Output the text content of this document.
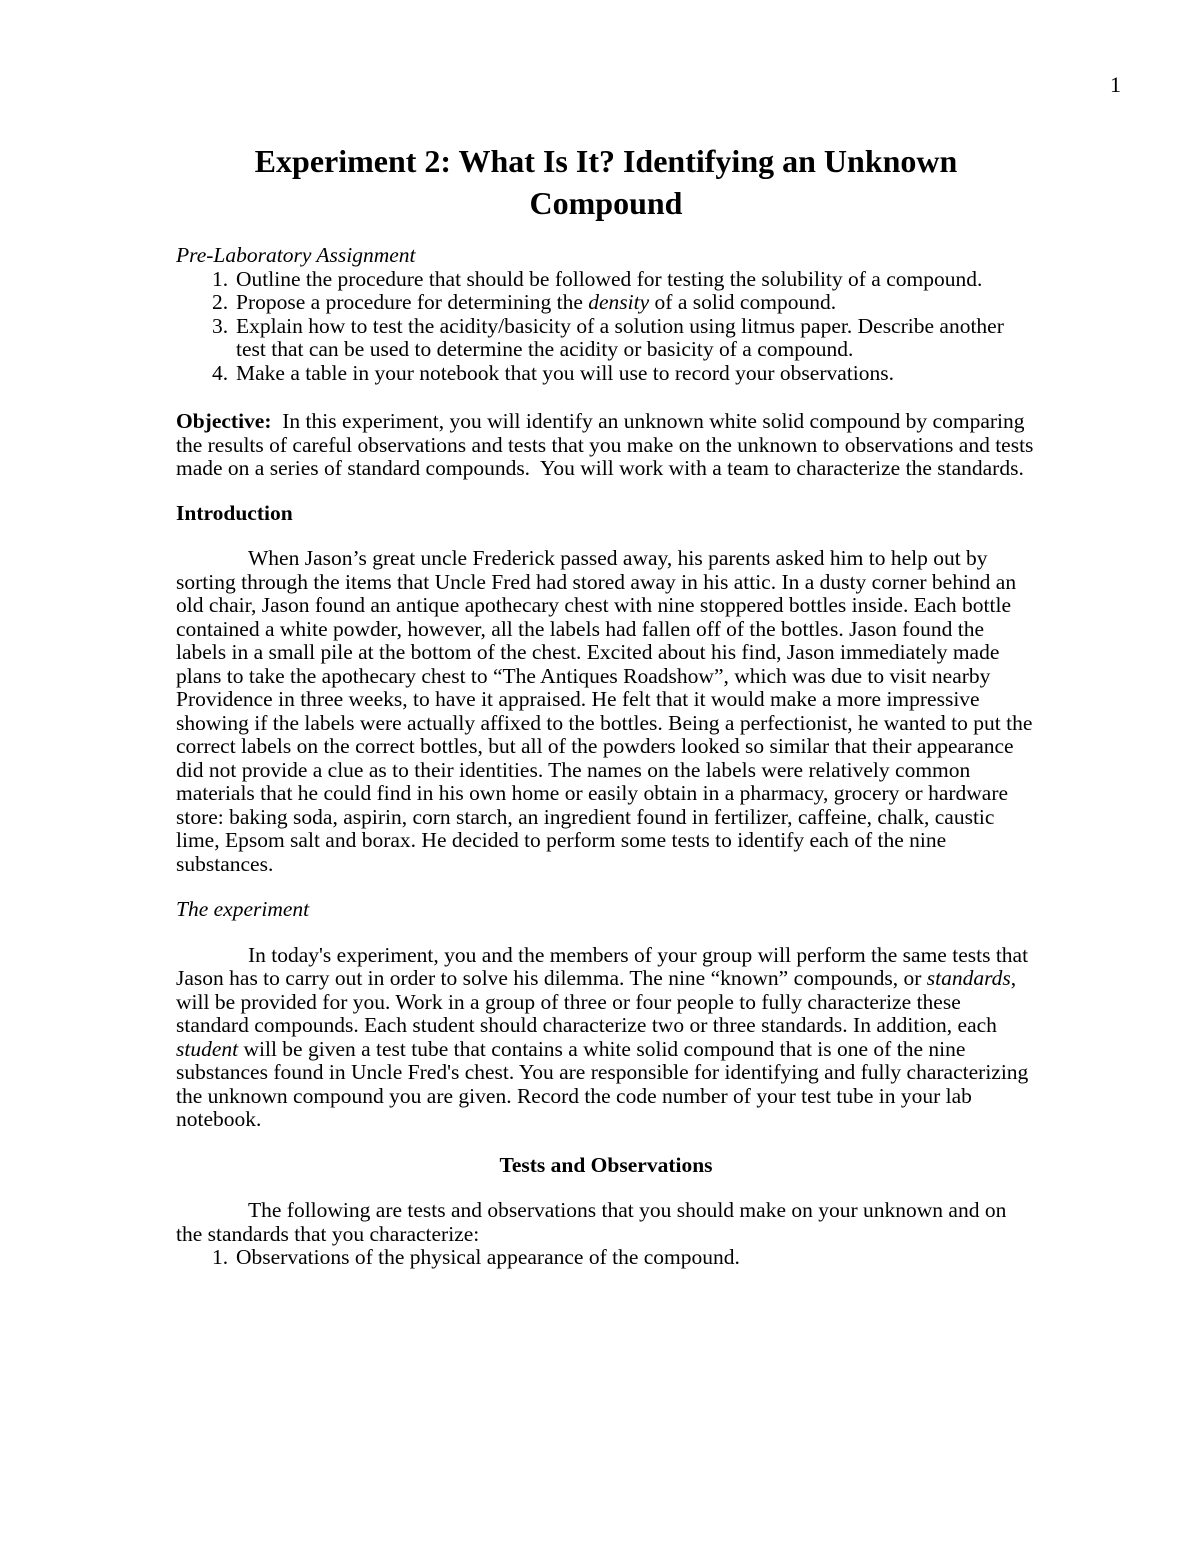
1
Experiment 2: What Is It? Identifying an Unknown
Compound

Pre-Laboratory Assignment

1. Outline the procedure that should be followed for testing the solubility of a compound.
2. Propose a procedure for determining the density of a solid compound.
3. Explain how to test the acidity/basicity of a solution using litmus paper. Describe another test that can be used to determine the acidity or basicity of a compound.
4. Make a table in your notebook that you will use to record your observations.

Objective:  In this experiment, you will identify an unknown white solid compound by comparing the results of careful observations and tests that you make on the unknown to observations and tests made on a series of standard compounds.  You will work with a team to characterize the standards.

Introduction

When Jason’s great uncle Frederick passed away, his parents asked him to help out by sorting through the items that Uncle Fred had stored away in his attic. In a dusty corner behind an old chair, Jason found an antique apothecary chest with nine stoppered bottles inside. Each bottle contained a white powder, however, all the labels had fallen off of the bottles. Jason found the labels in a small pile at the bottom of the chest. Excited about his find, Jason immediately made plans to take the apothecary chest to “The Antiques Roadshow”, which was due to visit nearby Providence in three weeks, to have it appraised. He felt that it would make a more impressive showing if the labels were actually affixed to the bottles. Being a perfectionist, he wanted to put the correct labels on the correct bottles, but all of the powders looked so similar that their appearance did not provide a clue as to their identities. The names on the labels were relatively common materials that he could find in his own home or easily obtain in a pharmacy, grocery or hardware store: baking soda, aspirin, corn starch, an ingredient found in fertilizer, caffeine, chalk, caustic lime, Epsom salt and borax. He decided to perform some tests to identify each of the nine substances.

The experiment

In today's experiment, you and the members of your group will perform the same tests that Jason has to carry out in order to solve his dilemma. The nine “known” compounds, or standards, will be provided for you. Work in a group of three or four people to fully characterize these standard compounds. Each student should characterize two or three standards. In addition, each student will be given a test tube that contains a white solid compound that is one of the nine substances found in Uncle Fred's chest. You are responsible for identifying and fully characterizing the unknown compound you are given. Record the code number of your test tube in your lab notebook.

Tests and Observations

The following are tests and observations that you should make on your unknown and on the standards that you characterize:

1. Observations of the physical appearance of the compound.
